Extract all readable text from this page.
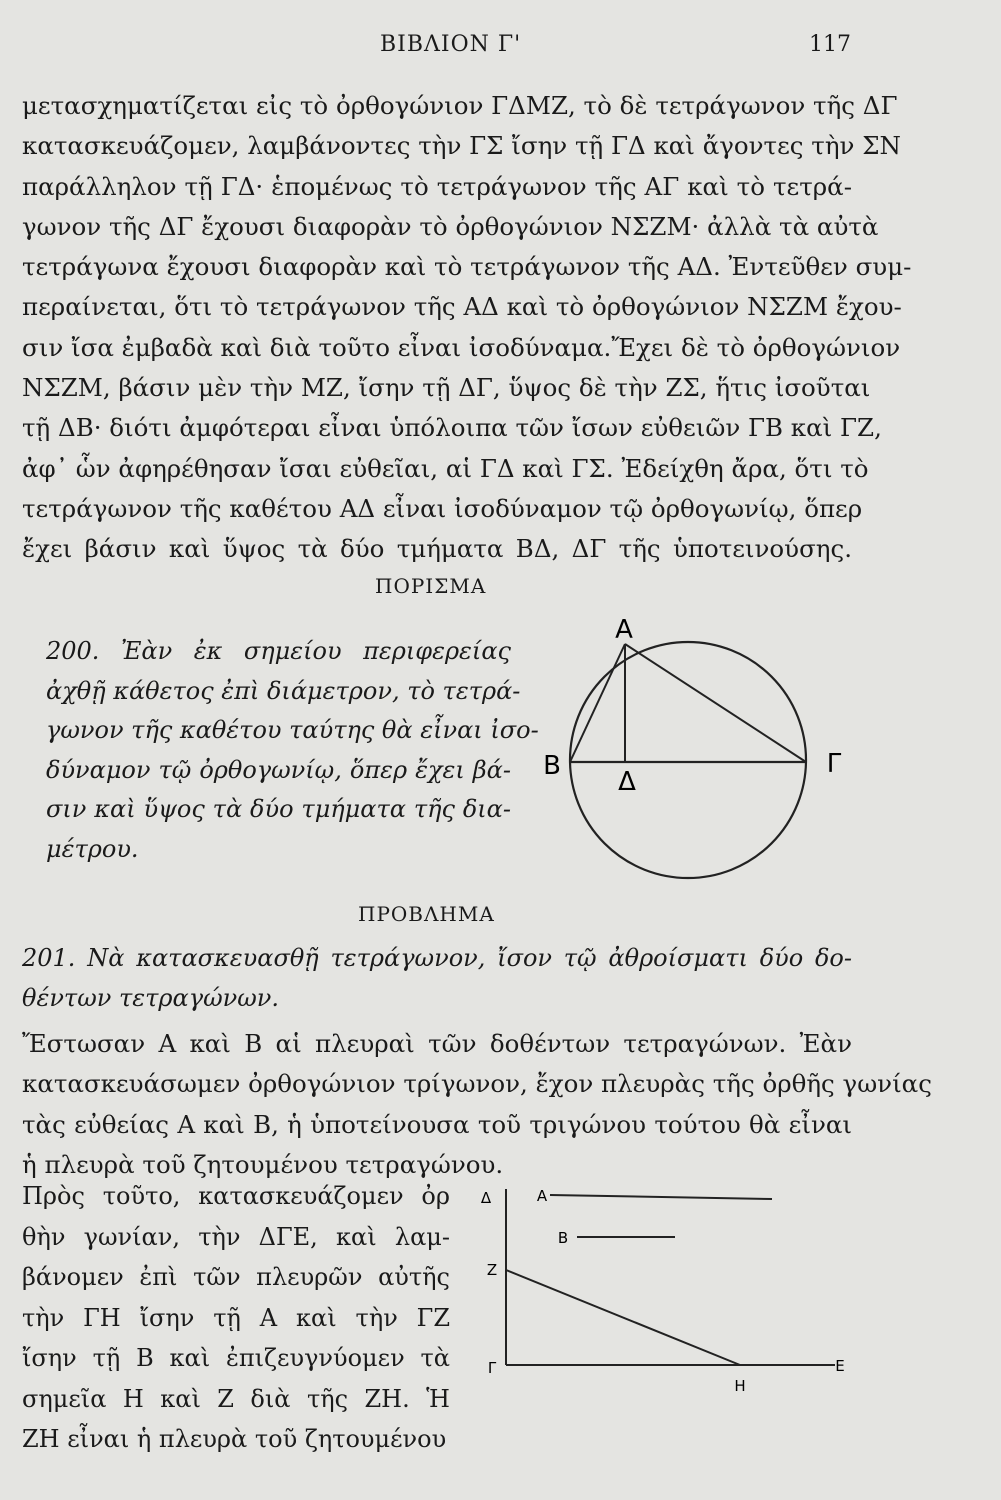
ΒΙΒΛΙΟΝ Γ'	117
μετασχηματίζεται εἰς τὸ ὀρθογώνιον ΓΔΜΖ, τὸ δὲ τετράγωνον τῆς ΔΓ
κατασκευάζομεν, λαμβάνοντες τὴν ΓΣ ἴσην τῇ ΓΔ καὶ ἄγοντες τὴν ΣΝ
παράλληλον τῇ ΓΔ· ἑπομένως τὸ τετράγωνον τῆς ΑΓ καὶ τὸ τετρά-
γωνον τῆς ΔΓ ἔχουσι διαφορὰν τὸ ὀρθογώνιον ΝΣΖΜ· ἀλλὰ τὰ αὐτὰ
τετράγωνα ἔχουσι διαφορὰν καὶ τὸ τετράγωνον τῆς ΑΔ. Ἐντεῦθεν συμ-
περαίνεται, ὅτι τὸ τετράγωνον τῆς ΑΔ καὶ τὸ ὀρθογώνιον ΝΣΖΜ ἔχου-
σιν ἴσα ἐμβαδὰ καὶ διὰ τοῦτο εἶναι ἰσοδύναμα.Ἔχει δὲ τὸ ὀρθογώνιον
ΝΣΖΜ, βάσιν μὲν τὴν ΜΖ, ἴσην τῇ ΔΓ, ὕψος δὲ τὴν ΖΣ, ἥτις ἰσοῦται
τῇ ΔΒ· διότι ἀμφότεραι εἶναι ὑπόλοιπα τῶν ἴσων εὐθειῶν ΓΒ καὶ ΓΖ,
ἀφ᾽ ὧν ἀφηρέθησαν ἴσαι εὐθεῖαι, αἱ ΓΔ καὶ ΓΣ. Ἐδείχθη ἄρα, ὅτι τὸ
τετράγωνον τῆς καθέτου ΑΔ εἶναι ἰσοδύναμον τῷ ὀρθογωνίῳ, ὅπερ
ἔχει βάσιν καὶ ὕψος τὰ δύο τμήματα ΒΔ, ΔΓ τῆς ὑποτεινούσης.
ΠΟΡΙΣΜΑ
200. Ἐὰν ἐκ σημείου περιφερείας
ἀχθῇ κάθετος ἐπὶ διάμετρον, τὸ τετρά-
γωνον τῆς καθέτου ταύτης θὰ εἶναι ἰσο-
δύναμον τῷ ὀρθογωνίῳ, ὅπερ ἔχει βά-
σιν καὶ ὕψος τὰ δύο τμήματα τῆς δια-
μέτρου.
Α
Β	Γ
Δ
ΠΡΟΒΛΗΜΑ
201. Νὰ κατασκευασθῇ τετράγωνον, ἴσον τῷ ἀθροίσματι δύο δο-
θέντων τετραγώνων.
Ἔστωσαν Α καὶ Β αἱ πλευραὶ τῶν δοθέντων τετραγώνων. Ἐὰν
κατασκευάσωμεν ὀρθογώνιον τρίγωνον, ἔχον πλευρὰς τῆς ὀρθῆς γωνίας
τὰς εὐθείας Α καὶ Β, ἡ ὑποτείνουσα τοῦ τριγώνου τούτου θὰ εἶναι
ἡ πλευρὰ τοῦ ζητουμένου τετραγώνου.
Πρὸς τοῦτο, κατασκευάζομεν ὀρ
θὴν γωνίαν, τὴν ΔΓΕ, καὶ λαμ-
βάνομεν ἐπὶ τῶν πλευρῶν αὐτῆς
τὴν ΓΗ ἴσην τῇ Α καὶ τὴν ΓΖ
ἴσην τῇ Β καὶ ἐπιζευγνύομεν τὰ
σημεῖα Η καὶ Ζ διὰ τῆς ΖΗ. Ἡ
ΖΗ εἶναι ἡ πλευρὰ τοῦ ζητουμένου
Δ	Α
Β
Ζ
Γ
Η
Ε
